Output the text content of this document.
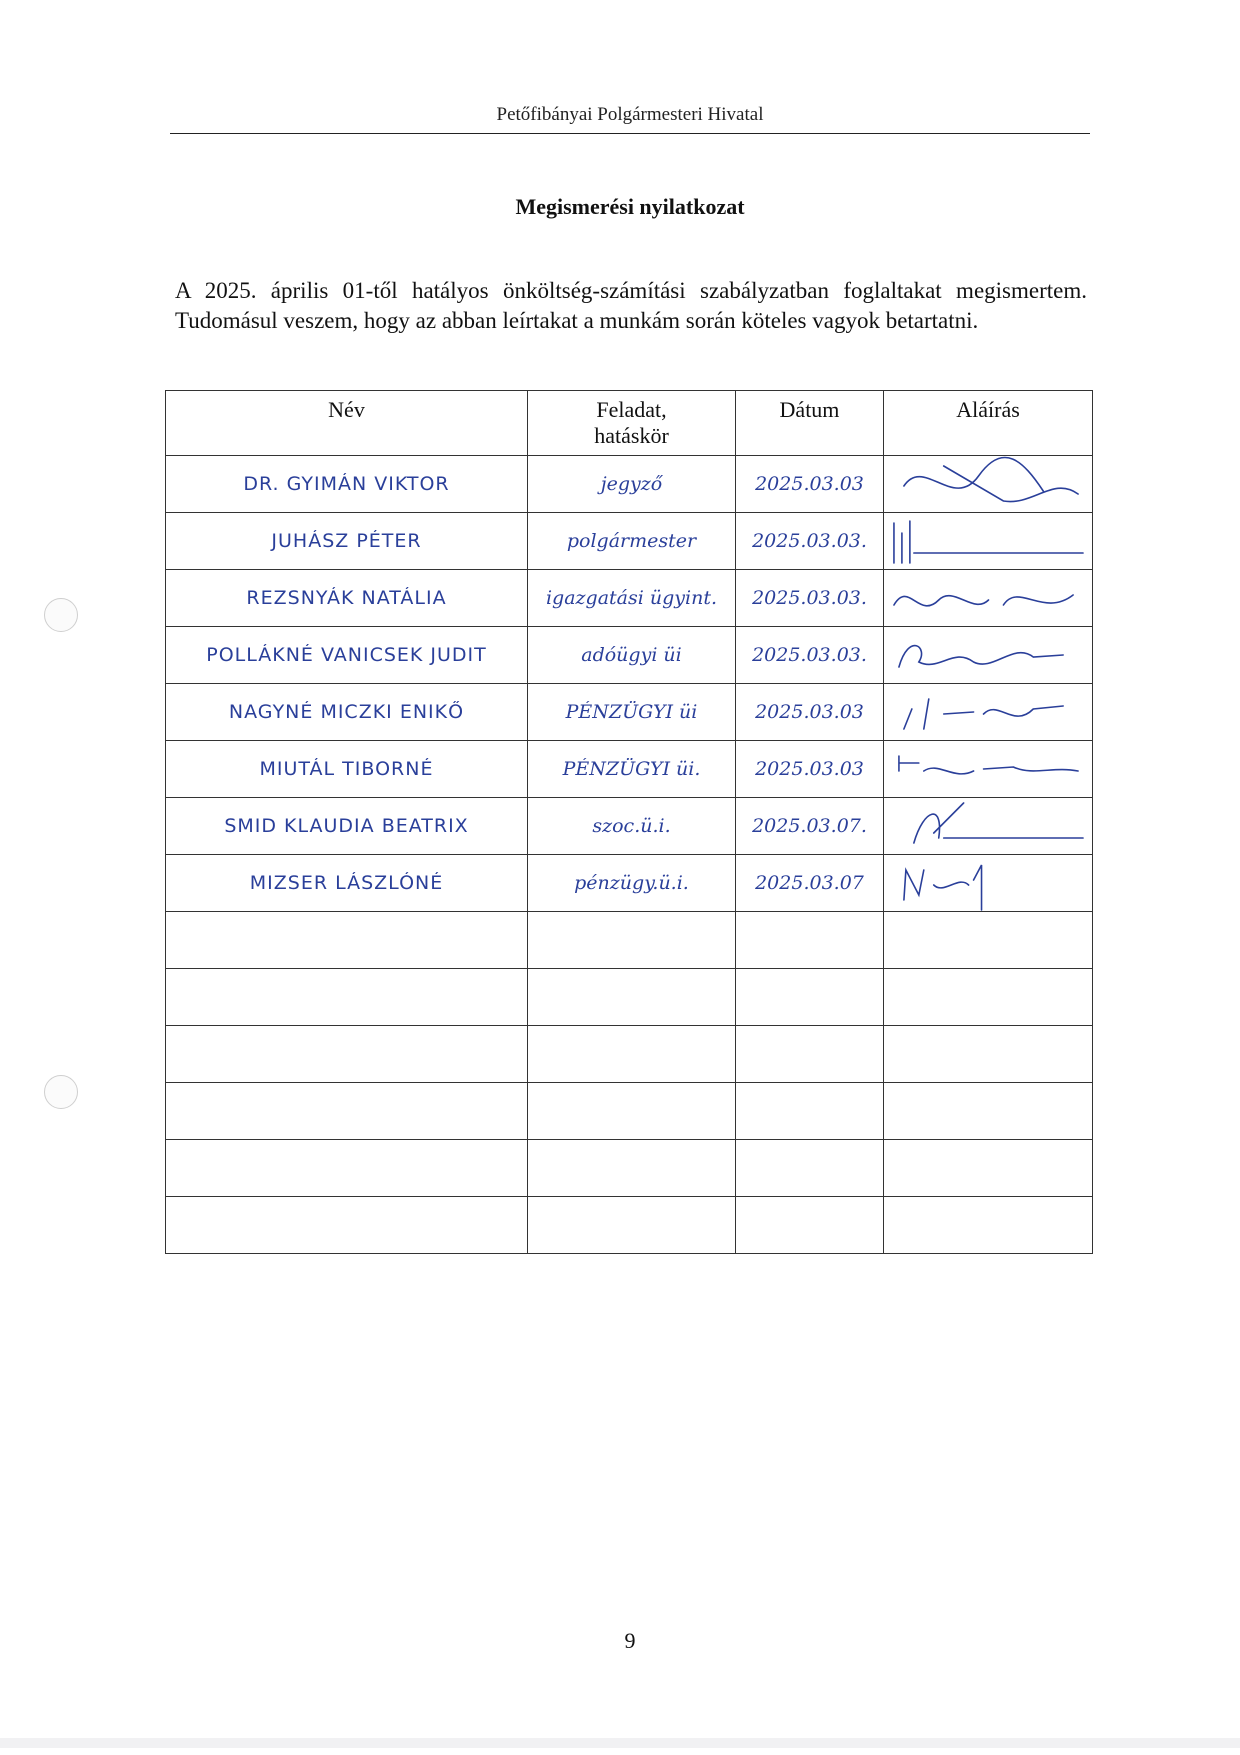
Petőfibányai Polgármesteri Hivatal
Megismerési nyilatkozat
A 2025. április 01-től hatályos önköltség-számítási szabályzatban foglaltakat megismertem. Tudomásul veszem, hogy az abban leírtakat a munkám során köteles vagyok betartatni.
Név	Feladat, hatáskör	Dátum	Aláírás

DR. GYIMÁN VIKTOR	jegyző	2025.03.03

JUHÁSZ PÉTER	polgármester	2025.03.03.

REZSNYÁK NATÁLIA	igazgatási ügyint.	2025.03.03.

POLLÁKNÉ VANICSEK JUDIT	adóügyi üi	2025.03.03.

NAGYNÉ MICZKI ENIKŐ	PÉNZÜGYI üi	2025.03.03

MIUTÁL TIBORNÉ	PÉNZÜGYI üi.	2025.03.03

SMID KLAUDIA BEATRIX	szoc.ü.i.	2025.03.07.

MIZSER LÁSZLÓNÉ	pénzügy.ü.i.	2025.03.07

9
